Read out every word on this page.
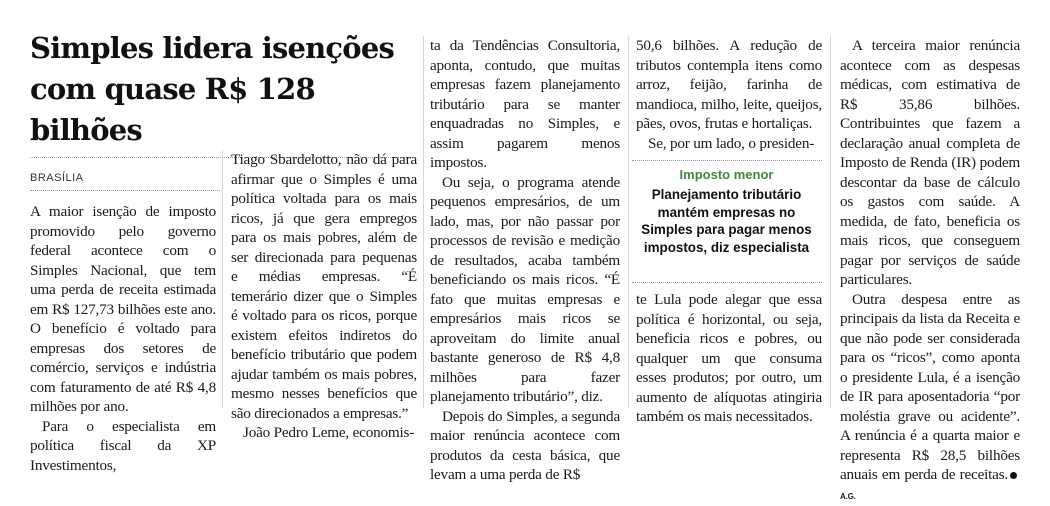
Simples lidera isenções
com quase R$ 128 bilhões
BRASÍLIA

A maior isenção de imposto promovido pelo governo federal acontece com o Simples Nacional, que tem uma perda de receita estimada em R$ 127,73 bilhões este ano. O benefício é voltado para empresas dos setores de comércio, serviços e indústria com faturamento de até R$ 4,8 milhões por ano.

Para o especialista em política fiscal da XP Investimentos,

Tiago Sbardelotto, não dá para afirmar que o Simples é uma política voltada para os mais ricos, já que gera empregos para os mais pobres, além de ser direcionada para pequenas e médias empresas. “É temerário dizer que o Simples é voltado para os ricos, porque existem efeitos indiretos do benefício tributário que podem ajudar também os mais pobres, mesmo nesses benefícios que são direcionados a empresas.”

João Pedro Leme, economis-

ta da Tendências Consultoria, aponta, contudo, que muitas empresas fazem planejamento tributário para se manter enquadradas no Simples, e assim pagarem menos impostos.

Ou seja, o programa atende pequenos empresários, de um lado, mas, por não passar por processos de revisão e medição de resultados, acaba também beneficiando os mais ricos. “É fato que muitas empresas e empresários mais ricos se aproveitam do limite anual bastante generoso de R$ 4,8 milhões para fazer planejamento tributário”, diz.

Depois do Simples, a segunda maior renúncia acontece com produtos da cesta básica, que levam a uma perda de R$

50,6 bilhões. A redução de tributos contempla itens como arroz, feijão, farinha de mandioca, milho, leite, queijos, pães, ovos, frutas e hortaliças.

Se, por um lado, o presiden-

Imposto menor
Planejamento tributário mantém empresas no Simples para pagar menos impostos, diz especialista

te Lula pode alegar que essa política é horizontal, ou seja, beneficia ricos e pobres, ou qualquer um que consuma esses produtos; por outro, um aumento de alíquotas atingiria também os mais necessitados.

A terceira maior renúncia acontece com as despesas médicas, com estimativa de R$ 35,86 bilhões. Contribuintes que fazem a declaração anual completa de Imposto de Renda (IR) podem descontar da base de cálculo os gastos com saúde. A medida, de fato, beneficia os mais ricos, que conseguem pagar por serviços de saúde particulares.

Outra despesa entre as principais da lista da Receita e que não pode ser considerada para os “ricos”, como aponta o presidente Lula, é a isenção de IR para aposentadoria “por moléstia grave ou acidente”. A renúncia é a quarta maior e representa R$ 28,5 bilhões anuais em perda de receitas.A.G.
